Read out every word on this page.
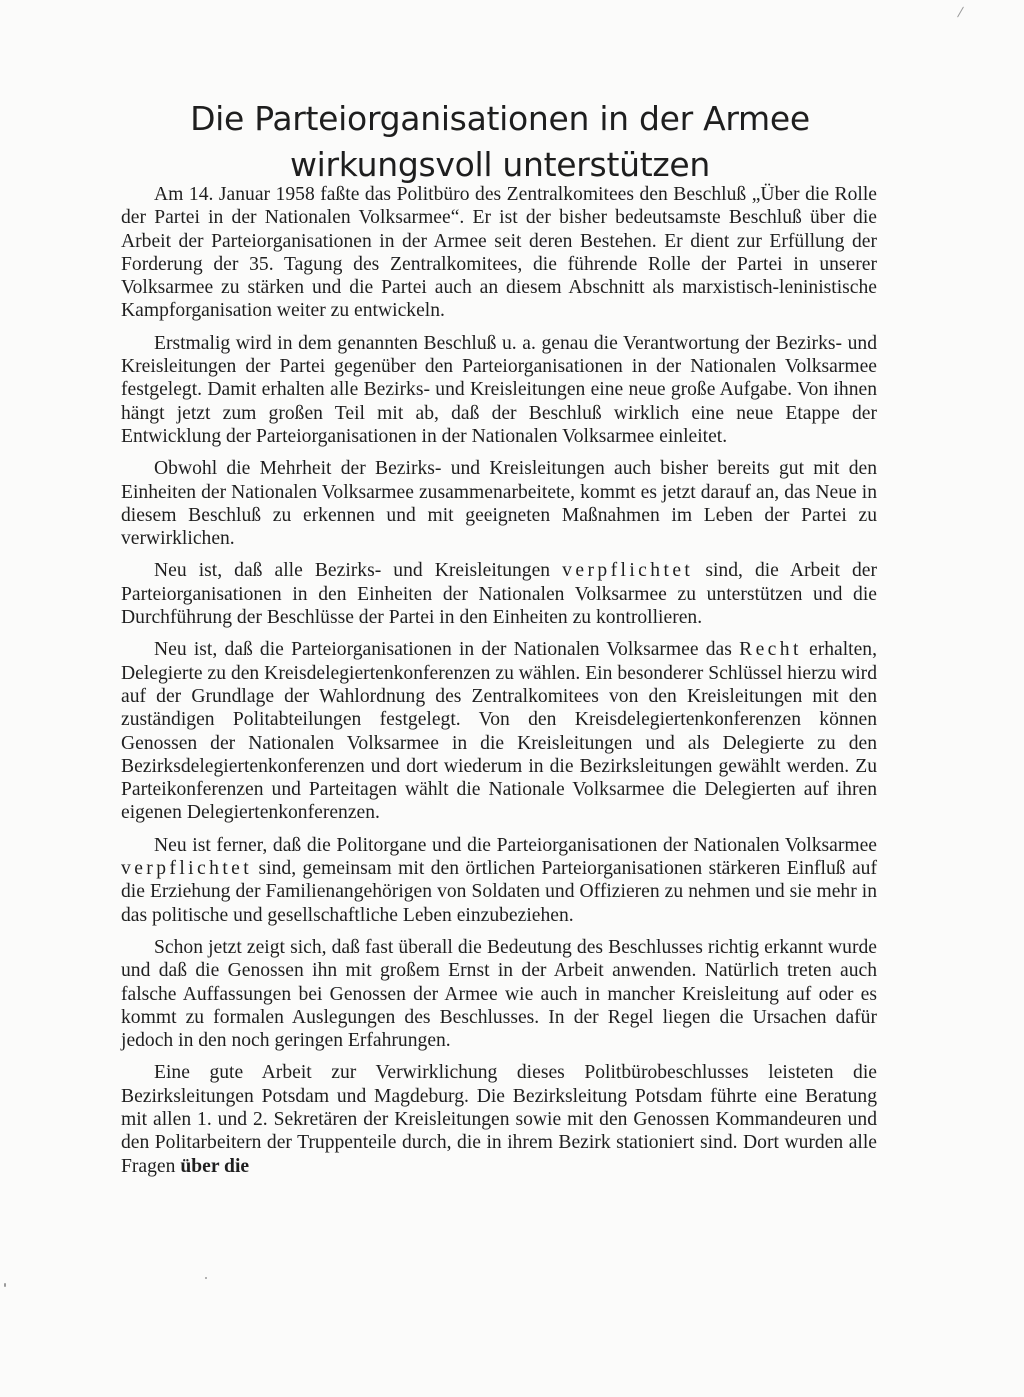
Die Parteiorganisationen in der Armee wirkungsvoll unterstützen

Am 14. Januar 1958 faßte das Politbüro des Zentralkomitees den Beschluß „Über die Rolle der Partei in der Nationalen Volksarmee“. Er ist der bisher bedeutsamste Beschluß über die Arbeit der Parteiorganisationen in der Armee seit deren Bestehen. Er dient zur Erfüllung der Forderung der 35. Tagung des Zentralkomitees, die führende Rolle der Partei in unserer Volksarmee zu stärken und die Partei auch an diesem Abschnitt als marxistisch-leninistische Kampforganisation weiter zu entwickeln.

Erstmalig wird in dem genannten Beschluß u. a. genau die Verantwortung der Bezirks- und Kreisleitungen der Partei gegenüber den Parteiorganisationen in der Nationalen Volksarmee festgelegt. Damit erhalten alle Bezirks- und Kreisleitungen eine neue große Aufgabe. Von ihnen hängt jetzt zum großen Teil mit ab, daß der Beschluß wirklich eine neue Etappe der Entwicklung der Parteiorganisationen in der Nationalen Volksarmee einleitet.

Obwohl die Mehrheit der Bezirks- und Kreisleitungen auch bisher bereits gut mit den Einheiten der Nationalen Volksarmee zusammenarbeitete, kommt es jetzt darauf an, das Neue in diesem Beschluß zu erkennen und mit geeigneten Maßnahmen im Leben der Partei zu verwirklichen.

Neu ist, daß alle Bezirks- und Kreisleitungen verpflichtet sind, die Arbeit der Parteiorganisationen in den Einheiten der Nationalen Volksarmee zu unterstützen und die Durchführung der Beschlüsse der Partei in den Einheiten zu kontrollieren.

Neu ist, daß die Parteiorganisationen in der Nationalen Volksarmee das Recht erhalten, Delegierte zu den Kreisdelegiertenkonferenzen zu wählen. Ein besonderer Schlüssel hierzu wird auf der Grundlage der Wahlordnung des Zentralkomitees von den Kreisleitungen mit den zuständigen Politabteilungen festgelegt. Von den Kreisdelegiertenkonferenzen können Genossen der Nationalen Volksarmee in die Kreisleitungen und als Delegierte zu den Bezirksdelegiertenkonferenzen und dort wiederum in die Bezirksleitungen gewählt werden. Zu Parteikonferenzen und Parteitagen wählt die Nationale Volksarmee die Delegierten auf ihren eigenen Delegiertenkonferenzen.

Neu ist ferner, daß die Politorgane und die Parteiorganisationen der Nationalen Volksarmee verpflichtet sind, gemeinsam mit den örtlichen Parteiorganisationen stärkeren Einfluß auf die Erziehung der Familienangehörigen von Soldaten und Offizieren zu nehmen und sie mehr in das politische und gesellschaftliche Leben einzubeziehen.

Schon jetzt zeigt sich, daß fast überall die Bedeutung des Beschlusses richtig erkannt wurde und daß die Genossen ihn mit großem Ernst in der Arbeit anwenden. Natürlich treten auch falsche Auffassungen bei Genossen der Armee wie auch in mancher Kreisleitung auf oder es kommt zu formalen Auslegungen des Beschlusses. In der Regel liegen die Ursachen dafür jedoch in den noch geringen Erfahrungen.

Eine gute Arbeit zur Verwirklichung dieses Politbürobeschlusses leisteten die Bezirksleitungen Potsdam und Magdeburg. Die Bezirksleitung Potsdam führte eine Beratung mit allen 1. und 2. Sekretären der Kreisleitungen sowie mit den Genossen Kommandeuren und den Politarbeitern der Truppenteile durch, die in ihrem Bezirk stationiert sind. Dort wurden alle Fragen über die
